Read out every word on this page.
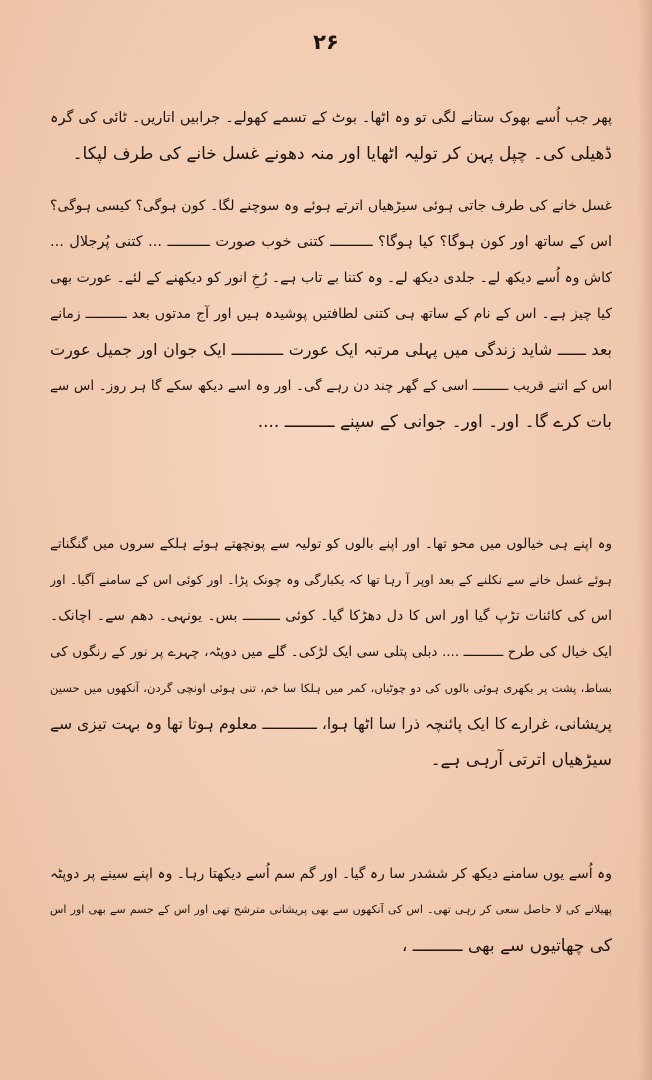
۲۶
پھر جب اُسے بھوک ستانے لگی تو وہ اٹھا۔ بوٹ کے تسمے کھولے۔ جرابیں اتاریں۔ ٹائی کی گرہ
ڈھیلی کی۔ چپل پہن کر تولیہ اٹھایا اور منہ دھونے غسل خانے کی طرف لپکا۔
غسل خانے کی طرف جاتی ہوئی سیڑھیاں اترتے ہوئے وہ سوچنے لگا۔ کون ہوگی؟ کیسی ہوگی؟
اس کے ساتھ اور کون ہوگا؟ کیا ہوگا؟ ــــــــــ کتنی خوب صورت ــــــــــ ... کتنی پُرجلال ...
کاش وہ اُسے دیکھ لے۔ جلدی دیکھ لے۔ وہ کتنا بے تاب ہے۔ رُخِ انور کو دیکھنے کے لئے۔ عورت بھی
کیا چیز ہے۔ اس کے نام کے ساتھ ہی کتنی لطافتیں پوشیدہ ہیں اور آج مدتوں بعد ــــــــــ زمانے
بعد ــــــ شاید زندگی میں پہلی مرتبہ ایک عورت ـــــــــــ ایک جوان اور جمیل عورت
اس کے اتنے قریب ـــــــــ اسی کے گھر چند دن رہے گی۔ اور وہ اسے دیکھ سکے گا ہر روز۔ اس سے
بات کرے گا۔ اور۔ اور۔ جوانی کے سپنے ــــــــــ ....
وہ اپنے ہی خیالوں میں محو تھا۔ اور اپنے بالوں کو تولیہ سے پونچھتے ہوئے ہلکے سروں میں گنگناتے
ہوئے غسل خانے سے نکلنے کے بعد اوپر آ رہا تھا کہ یکبارگی وہ چونک پڑا۔ اور کوئی اس کے سامنے آگیا۔ اور
اس کی کائنات تڑپ گیا اور اس کا دل دھڑکا گیا۔ کوئی ـــــــــ بس۔ یونہی۔ دھم سے۔ اچانک۔
ایک خیال کی طرح ــــــــــ .... دبلی پتلی سی ایک لڑکی۔ گلے میں دوپٹہ، چہرے پر نور کے رنگوں کی
بساط، پشت پر بکھری ہوئی بالوں کی دو چوٹیاں، کمر میں ہلکا سا خم، تنی ہوئی اونچی گردن، آنکھوں میں حسین
پریشانی، غرارے کا ایک پائنچہ ذرا سا اٹھا ہوا، ــــــــــــ معلوم ہوتا تھا وہ بہت تیزی سے
سیڑھیاں اترتی آرہی ہے۔
وہ اُسے یوں سامنے دیکھ کر ششدر سا رہ گیا۔ اور گم سم اُسے دیکھتا رہا۔ وہ اپنے سینے پر دوپٹہ
پھیلانے کی لا حاصل سعی کر رہی تھی۔ اس کی آنکھوں سے بھی پریشانی مترشح تھی اور اس کے جسم سے بھی اور اس
کی چھاتیوں سے بھی ــــــــــ ،
